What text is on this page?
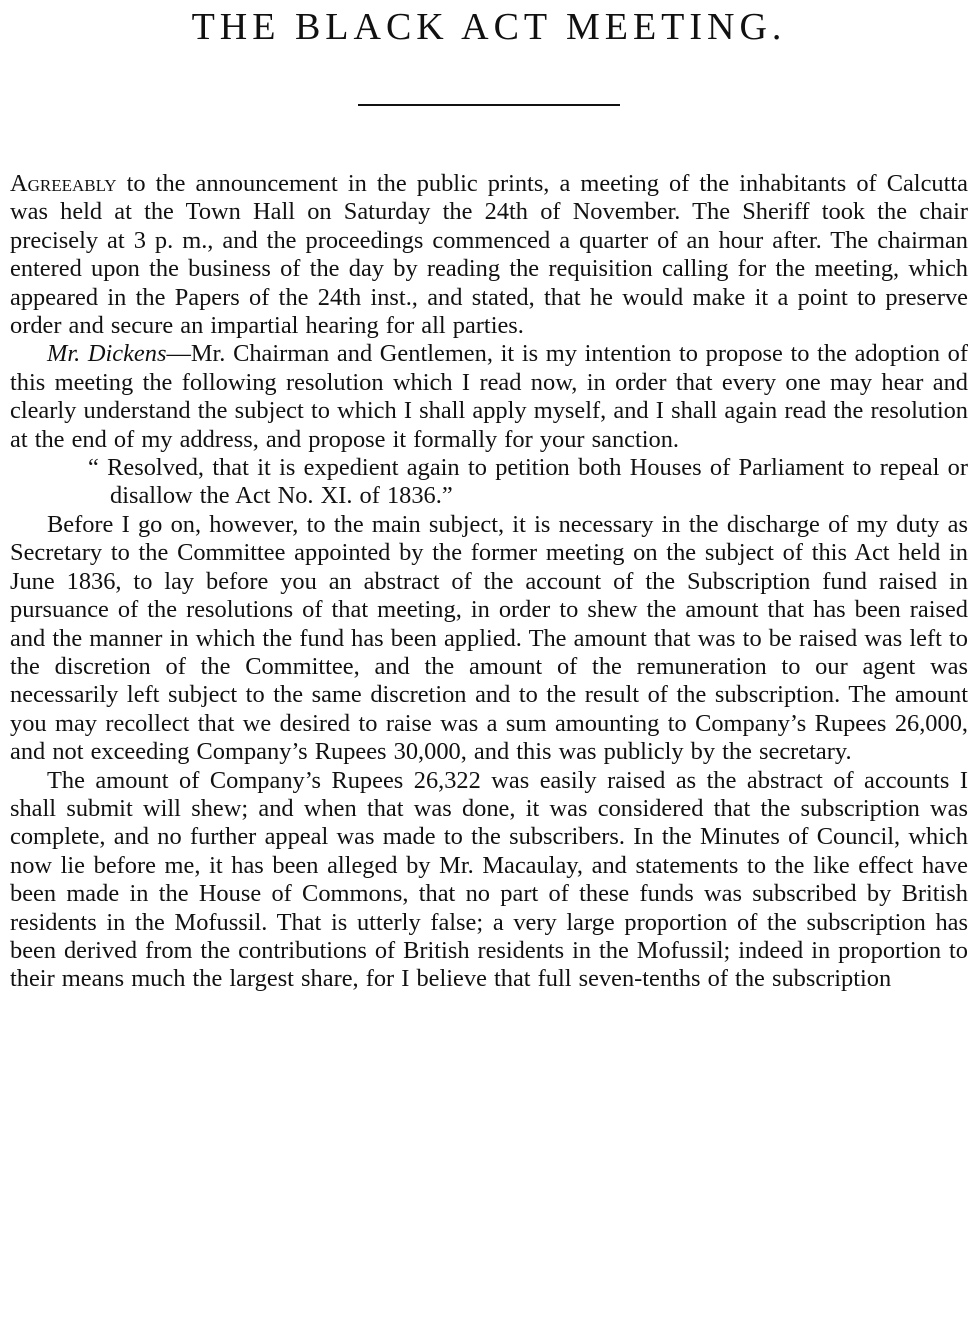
THE BLACK ACT MEETING.

Agreeably to the announcement in the public prints, a meeting of the inhabitants of Calcutta was held at the Town Hall on Saturday the 24th of November. The Sheriff took the chair precisely at 3 p. m., and the proceedings commenced a quarter of an hour after. The chairman entered upon the business of the day by reading the requisition calling for the meeting, which appeared in the Papers of the 24th inst., and stated, that he would make it a point to preserve order and secure an impartial hearing for all parties.

Mr. Dickens—Mr. Chairman and Gentlemen, it is my intention to propose to the adoption of this meeting the following resolution which I read now, in order that every one may hear and clearly understand the subject to which I shall apply myself, and I shall again read the resolution at the end of my address, and propose it formally for your sanction.

“ Resolved, that it is expedient again to petition both Houses of Parliament to repeal or disallow the Act No. XI. of 1836.”

Before I go on, however, to the main subject, it is necessary in the discharge of my duty as Secretary to the Committee appointed by the former meeting on the subject of this Act held in June 1836, to lay before you an abstract of the account of the Subscription fund raised in pursuance of the resolutions of that meeting, in order to shew the amount that has been raised and the manner in which the fund has been applied. The amount that was to be raised was left to the discretion of the Committee, and the amount of the remuneration to our agent was necessarily left subject to the same discretion and to the result of the subscription. The amount you may recollect that we desired to raise was a sum amounting to Company’s Rupees 26,000, and not exceeding Company’s Rupees 30,000, and this was publicly by the secretary.

The amount of Company’s Rupees 26,322 was easily raised as the abstract of accounts I shall submit will shew; and when that was done, it was considered that the subscription was complete, and no further appeal was made to the subscribers. In the Minutes of Council, which now lie before me, it has been alleged by Mr. Macaulay, and statements to the like effect have been made in the House of Commons, that no part of these funds was subscribed by British residents in the Mofussil. That is utterly false; a very large proportion of the subscription has been derived from the contributions of British residents in the Mofussil; indeed in proportion to their means much the largest share, for I believe that full seven-tenths of the subscription
